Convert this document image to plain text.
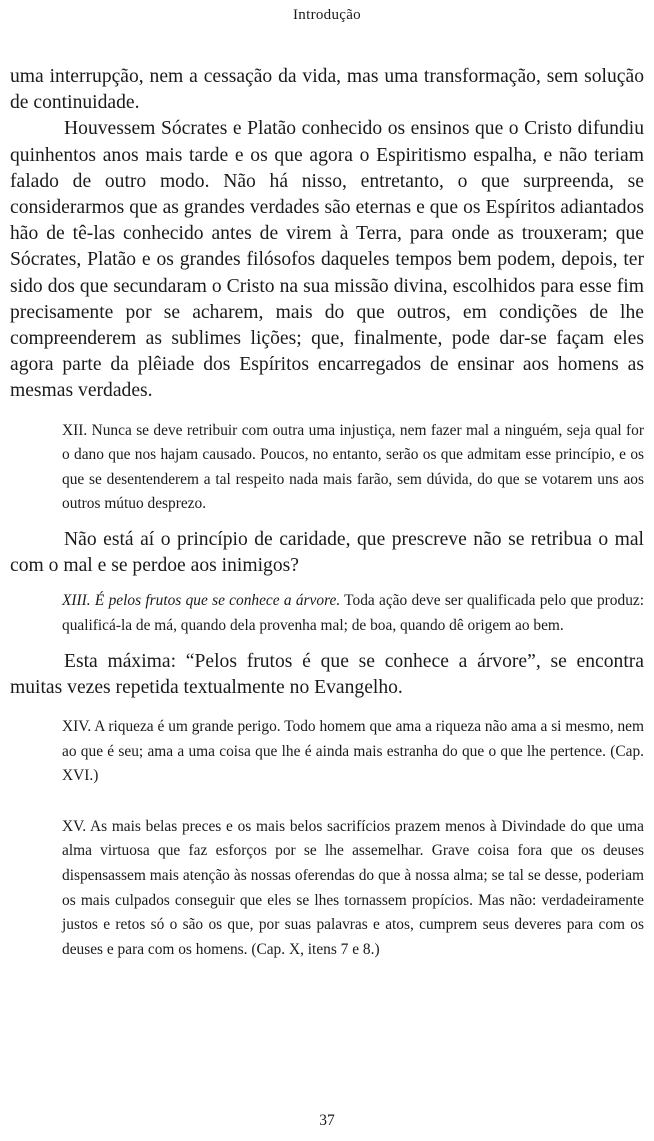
Introdução

uma interrupção, nem a cessação da vida, mas uma transformação, sem solução de continuidade.

Houvessem Sócrates e Platão conhecido os ensinos que o Cristo difundiu quinhentos anos mais tarde e os que agora o Espiritismo espalha, e não teriam falado de outro modo. Não há nisso, entretanto, o que surpreenda, se considerarmos que as grandes verdades são eternas e que os Espíritos adiantados hão de tê-las conhecido antes de virem à Terra, para onde as trouxeram; que Sócrates, Platão e os grandes filósofos daqueles tempos bem podem, depois, ter sido dos que secundaram o Cristo na sua missão divina, escolhidos para esse fim precisamente por se acharem, mais do que outros, em condições de lhe compreenderem as sublimes lições; que, finalmente, pode dar-se façam eles agora parte da plêiade dos Espíritos encarregados de ensinar aos homens as mesmas verdades.

XII. Nunca se deve retribuir com outra uma injustiça, nem fazer mal a ninguém, seja qual for o dano que nos hajam causado. Poucos, no entanto, serão os que admitam esse princípio, e os que se desentenderem a tal respeito nada mais farão, sem dúvida, do que se votarem uns aos outros mútuo desprezo.

Não está aí o princípio de caridade, que prescreve não se retribua o mal com o mal e se perdoe aos inimigos?

XIII. É pelos frutos que se conhece a árvore. Toda ação deve ser qualificada pelo que produz: qualificá-la de má, quando dela provenha mal; de boa, quando dê origem ao bem.

Esta máxima: “Pelos frutos é que se conhece a árvore”, se encontra muitas vezes repetida textualmente no Evangelho.

XIV. A riqueza é um grande perigo. Todo homem que ama a riqueza não ama a si mesmo, nem ao que é seu; ama a uma coisa que lhe é ainda mais estranha do que o que lhe pertence. (Cap. XVI.)

XV. As mais belas preces e os mais belos sacrifícios prazem menos à Divindade do que uma alma virtuosa que faz esforços por se lhe assemelhar. Grave coisa fora que os deuses dispensassem mais atenção às nossas oferendas do que à nossa alma; se tal se desse, poderiam os mais culpados conseguir que eles se lhes tornassem propícios. Mas não: verdadeiramente justos e retos só o são os que, por suas palavras e atos, cumprem seus deveres para com os deuses e para com os homens. (Cap. X, itens 7 e 8.)

37
